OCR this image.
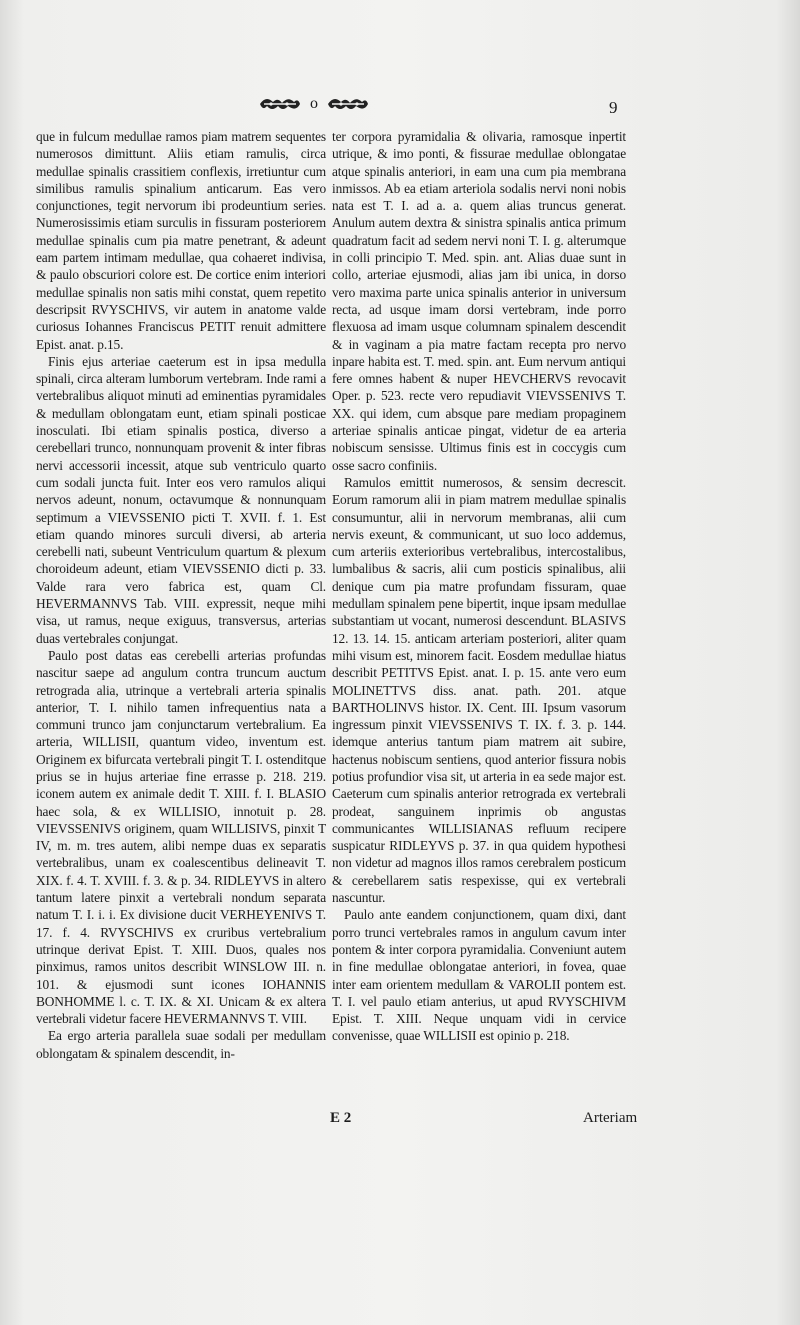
o	9

que in fulcum medullae ramos piam matrem sequentes numerosos dimittunt. Aliis etiam ramulis, circa medullae spinalis crassitiem conflexis, irretiuntur cum similibus ramulis spinalium anticarum. Eas vero conjunctiones, tegit nervorum ibi prodeuntium series. Numerosissimis etiam surculis in fissuram posteriorem medullae spinalis cum pia matre penetrant, & adeunt eam partem intimam medullae, qua cohaeret indivisa, & paulo obscuriori colore est. De cortice enim interiori medullae spinalis non satis mihi constat, quem repetito descripsit RVYSCHIVS, vir autem in anatome valde curiosus Iohannes Franciscus PETIT renuit admittere Epist. anat. p.15.

Finis ejus arteriae caeterum est in ipsa medulla spinali, circa alteram lumborum vertebram. Inde rami a vertebralibus aliquot minuti ad eminentias pyramidales & medullam oblongatam eunt, etiam spinali posticae inosculati. Ibi etiam spinalis postica, diverso a cerebellari trunco, nonnunquam provenit & inter fibras nervi accessorii incessit, atque sub ventriculo quarto cum sodali juncta fuit. Inter eos vero ramulos aliqui nervos adeunt, nonum, octavumque & nonnunquam septimum a VIEVSSENIO picti T. XVII. f. 1. Est etiam quando minores surculi diversi, ab arteria cerebelli nati, subeunt Ventriculum quartum & plexum choroideum adeunt, etiam VIEVSSENIO dicti p. 33. Valde rara vero fabrica est, quam Cl. HEVERMANNVS Tab. VIII. expressit, neque mihi visa, ut ramus, neque exiguus, transversus, arterias duas vertebrales conjungat.

Paulo post datas eas cerebelli arterias profundas nascitur saepe ad angulum contra truncum auctum retrograda alia, utrinque a vertebrali arteria spinalis anterior, T. I. nihilo tamen infrequentius nata a communi trunco jam conjunctarum vertebralium. Ea arteria, WILLISII, quantum video, inventum est. Originem ex bifurcata vertebrali pingit T. I. ostenditque prius se in hujus arteriae fine errasse p. 218. 219. iconem autem ex animale dedit T. XIII. f. I. BLASIO haec sola, & ex WILLISIO, innotuit p. 28. VIEVSSENIVS originem, quam WILLISIVS, pinxit T IV, m. m. tres autem, alibi nempe duas ex separatis vertebralibus, unam ex coalescentibus delineavit T. XIX. f. 4. T. XVIII. f. 3. & p. 34. RIDLEYVS in altero tantum latere pinxit a vertebrali nondum separata natum T. I. i. i. Ex divisione ducit VERHEYENIVS T. 17. f. 4. RVYSCHIVS ex cruribus vertebralium utrinque derivat Epist. T. XIII. Duos, quales nos pinximus, ramos unitos describit WINSLOW III. n. 101. & ejusmodi sunt icones IOHANNIS BONHOMME l. c. T. IX. & XI. Unicam & ex altera vertebrali videtur facere HEVERMANNVS T. VIII.

Ea ergo arteria parallela suae sodali per medullam oblongatam & spinalem descendit, in-

ter corpora pyramidalia & olivaria, ramosque inpertit utrique, & imo ponti, & fissurae medullae oblongatae atque spinalis anteriori, in eam una cum pia membrana inmissos. Ab ea etiam arteriola sodalis nervi noni nobis nata est T. I. ad a. a. quem alias truncus generat. Anulum autem dextra & sinistra spinalis antica primum quadratum facit ad sedem nervi noni T. I. g. alterumque in colli principio T. Med. spin. ant. Alias duae sunt in collo, arteriae ejusmodi, alias jam ibi unica, in dorso vero maxima parte unica spinalis anterior in universum recta, ad usque imam dorsi vertebram, inde porro flexuosa ad imam usque columnam spinalem descendit & in vaginam a pia matre factam recepta pro nervo inpare habita est. T. med. spin. ant. Eum nervum antiqui fere omnes habent & nuper HEVCHERVS revocavit Oper. p. 523. recte vero repudiavit VIEVSSENIVS T. XX. qui idem, cum absque pare mediam propaginem arteriae spinalis anticae pingat, videtur de ea arteria nobiscum sensisse. Ultimus finis est in coccygis cum osse sacro confiniis.

Ramulos emittit numerosos, & sensim decrescit. Eorum ramorum alii in piam matrem medullae spinalis consumuntur, alii in nervorum membranas, alii cum nervis exeunt, & communicant, ut suo loco addemus, cum arteriis exterioribus vertebralibus, intercostalibus, lumbalibus & sacris, alii cum posticis spinalibus, alii denique cum pia matre profundam fissuram, quae medullam spinalem pene bipertit, inque ipsam medullae substantiam ut vocant, numerosi descendunt. BLASIVS 12. 13. 14. 15. anticam arteriam posteriori, aliter quam mihi visum est, minorem facit. Eosdem medullae hiatus describit PETITVS Epist. anat. I. p. 15. ante vero eum MOLINETTVS diss. anat. path. 201. atque BARTHOLINVS histor. IX. Cent. III. Ipsum vasorum ingressum pinxit VIEVSSENIVS T. IX. f. 3. p. 144. idemque anterius tantum piam matrem ait subire, hactenus nobiscum sentiens, quod anterior fissura nobis potius profundior visa sit, ut arteria in ea sede major est. Caeterum cum spinalis anterior retrograda ex vertebrali prodeat, sanguinem inprimis ob angustas communicantes WILLISIANAS refluum recipere suspicatur RIDLEYVS p. 37. in qua quidem hypothesi non videtur ad magnos illos ramos cerebralem posticum & cerebellarem satis respexisse, qui ex vertebrali nascuntur.

Paulo ante eandem conjunctionem, quam dixi, dant porro trunci vertebrales ramos in angulum cavum inter pontem & inter corpora pyramidalia. Conveniunt autem in fine medullae oblongatae anteriori, in fovea, quae inter eam orientem medullam & VAROLII pontem est. T. I. vel paulo etiam anterius, ut apud RVYSCHIVM Epist. T. XIII. Neque unquam vidi in cervice convenisse, quae WILLISII est opinio p. 218.

E 2	Arteriam
